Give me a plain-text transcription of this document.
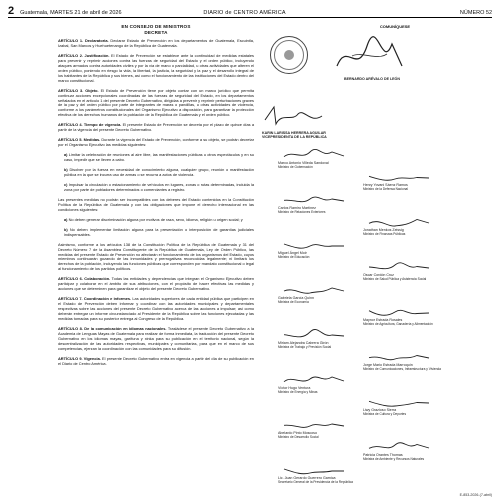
2 Guatemala, MARTES 21 de abril de 2026	DIARIO de CENTRO AMÉRICA	NÚMERO 52
EN CONSEJO DE MINISTROS
DECRETA

ARTÍCULO 1. Declaratoria. Declarar Estado de Prevención en los departamentos de Guatemala, Escuintla, Izabal, San Marcos y Huehuetenango de la República de Guatemala.

ARTÍCULO 2. Justificación. El Estado de Prevención se establece ante la continuidad de medidas estatales para prevenir y reprimir acciones contra las fuerzas de seguridad del Estado y el orden público, incluyendo ataques armados contra autoridades civiles y por la vía de mano o parcialidad, u otras actividades que alteren el orden público, poniendo en riesgo la vida, la libertad, la justicia, la seguridad y la paz y el desarrollo integral de los habitantes de la República y sus bienes, así como el funcionamiento de las instituciones del Estado dentro del marco constitucional.

ARTÍCULO 3. Objeto. El Estado de Prevención tiene por objeto contar con un marco jurídico que permita continuar acciones excepcionales coordinadas de las fuerzas de seguridad del Estado, en los departamentos señalados en el artículo 1 del presente Decreto Gubernativo, dirigidas a prevenir y reprimir perturbaciones graves de la paz y del orden público por parte de integrantes de maras o pandillas, u otras actividades de violencia, conforme a los parámetros constitucionales del Organismo Ejecutivo a disposición, para garantizar la protección efectiva de los derechos humanos de la población de la República de Guatemala y el orden público.

ARTÍCULO 4. Tiempo de vigencia. El presente Estado de Prevención se decreta por el plazo de quince días a partir de la vigencia del presente Decreto Gubernativo.

ARTÍCULO 5. Medidas. Durante la vigencia del Estado de Prevención, conforme a su objeto, se podrán decretar por el Organismo Ejecutivo las medidas siguientes:

a) Limitar la celebración de reuniones al aire libre, las manifestaciones públicas u otros espectáculos y en su caso, impedir que se lleven a cabo.

b) Disolver por la fuerza en necesidad de conocimiento alguna, cualquier grupo, reunión o manifestación pública en la que se incurra uso de armas o se recurra a actos de violencia.

c) Impulsar la circulación o estacionamiento de vehículos en lugares, zonas o rutas determinadas, incluida la zona por parte de pobladores determinados o comerciantes a registro.

Las presentes medidas no podrán ser incompatibles con los deberes del Estado contenidos en la Constitución Política de la República de Guatemala y con las obligaciones que impone el derecho internacional en las condiciones siguientes:

a) No deben generar discriminación alguna por motivos de raza, sexo, idioma, religión u origen social; y

b) No deben implementar limitación alguna para la presentación o interposición de garantías judiciales indispensables.

Asimismo, conforme a los artículos 138 de la Constitución Política de la República de Guatemala y 31 del Decreto Número 7 de la Asamblea Constituyente de la República de Guatemala, Ley de Orden Público, las medidas del presente Estado de Prevención no afectarán el funcionamiento de los organismos del Estado, cuyos miembros continuarán gozando de las inmunidades y prerrogativas reconocidas legalmente; ni limitará los derechos de la población, incluyendo las funciones públicas que corresponden por mandato constitucional o legal al funcionamiento de los partidos políticos.

ARTÍCULO 6. Colaboración. Todas las entidades y dependencias que integran el Organismo Ejecutivo deben participar y colaborar en el ámbito de sus atribuciones, con el propósito de hacer efectivas las medidas y acciones que se determinen para garantizar el objeto del presente Decreto Gubernativo.

ARTÍCULO 7. Coordinación e informes. Las autoridades superiores de cada entidad pública que participen en el Estado de Prevención deben informar y coordinar con las autoridades municipales y departamentales respectivas sobre las acciones del presente Decreto Gubernativo acerca de las acciones a impulsar; así como deberán entregar un informe circunstanciado al Presidente de la República sobre las funciones ejecutadas y las medidas tomadas para su posterior entrega al Congreso de la República.

ARTÍCULO 8. De la comunicación en idiomas nacionales. Trasládese el presente Decreto Gubernativo a la Academia de Lenguas Mayas de Guatemala para realizar de forma inmediata, la traducción del presente Decreto Gubernativo en los idiomas mayas, garífuna y xinka para su publicación en el territorio nacional, según la descentralización de las autoridades respectivas, municipales y comunitarias, para que en el marco de sus competencias, ejerzan la coordinación con las comunidades para su difusión.

ARTÍCULO 9. Vigencia. El presente Decreto Gubernativo entra en vigencia a partir del día de su publicación en el Diario de Centro América.

COMUNÍQUESE
BERNARDO ARÉVALO DE LEÓN
KARIN LARISSA HERRERA AGUILAR
VICEPRESIDENTA DE LA REPÚBLICA
Marco Antonio Villeda Sandoval
Ministro de Gobernación
Henry Yovani Sáenz Ramos
Ministro de la Defensa Nacional
Carlos Ramiro Martínez
Ministro de Relaciones Exteriores
Jonathan Menkos Zeissig
Ministro de Finanzas Públicas
Miguel Ángel Moir
Ministro de Educación
Oscar Cordón Cruz
Ministro de Salud Pública y Asistencia Social
Gabriela García Quinn
Ministra de Economía
Maynor Estrada Rosales
Ministro de Agricultura, Ganadería y Alimentación
Miriam Alejandra Cabrera Girón
Ministra de Trabajo y Previsión Social
Jorge Mario Estrada Marroquín
Ministro de Comunicaciones, Infraestructura y Vivienda
Víctor Hugo Ventura
Ministro de Energía y Minas
Liwy Grazioso Sierra
Ministra de Cultura y Deportes
Abelardo Pinto Moscoso
Ministro de Desarrollo Social
Patricia Orantes Thomas
Ministra de Ambiente y Recursos Naturales
Lic. Juan Gerardo Guerrero Garnica
Secretario General de la Presidencia de la República
E-853-2026-(7-abril)
